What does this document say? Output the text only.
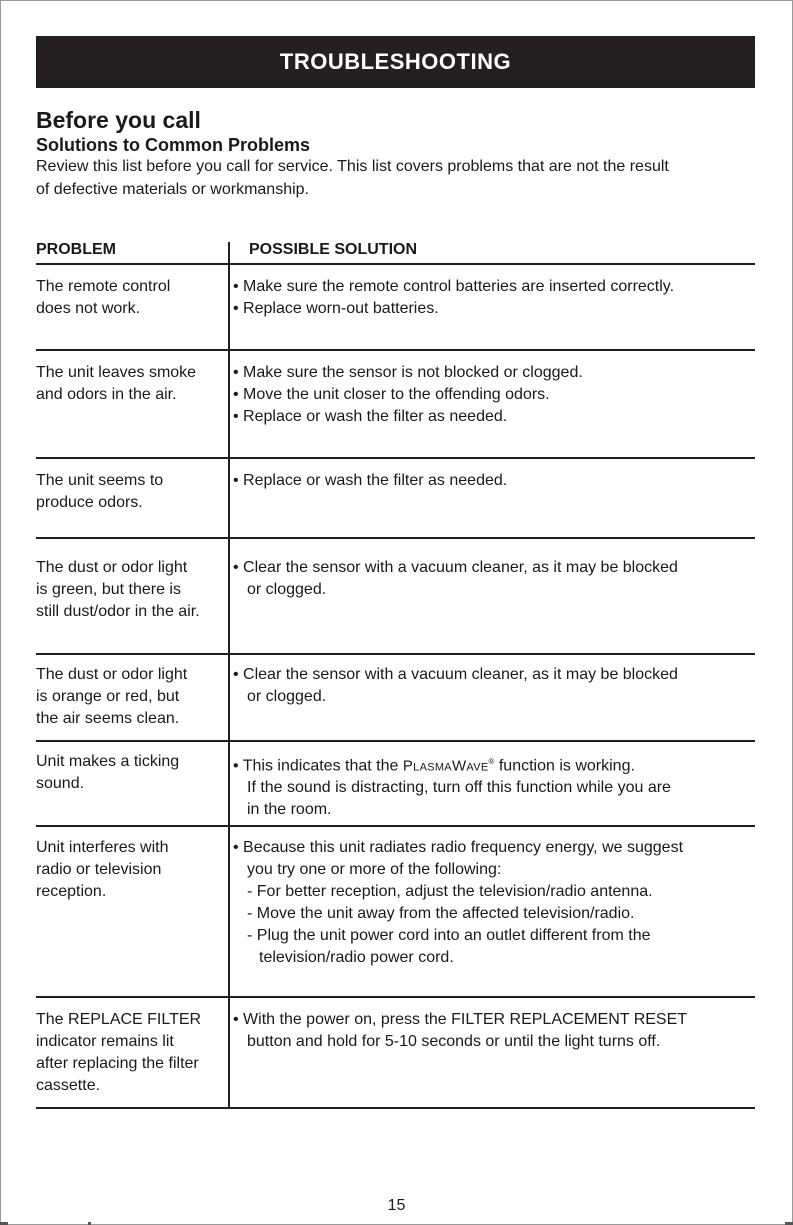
TROUBLESHOOTING
Before you call
Solutions to Common Problems
Review this list before you call for service. This list covers problems that are not the result
of defective materials or workmanship.
PROBLEM	POSSIBLE SOLUTION
The remote control
does not work.
• Make sure the remote control batteries are inserted correctly.
• Replace worn-out batteries.
The unit leaves smoke
and odors in the air.
• Make sure the sensor is not blocked or clogged.
• Move the unit closer to the offending odors.
• Replace or wash the filter as needed.
The unit seems to
produce odors.
• Replace or wash the filter as needed.
The dust or odor light
is green, but there is
still dust/odor in the air.
• Clear the sensor with a vacuum cleaner, as it may be blocked
or clogged.
The dust or odor light
is orange or red, but
the air seems clean.
• Clear the sensor with a vacuum cleaner, as it may be blocked
or clogged.
Unit makes a ticking
sound.
• This indicates that the PlasmaWave® function is working.
If the sound is distracting, turn off this function while you are
in the room.
Unit interferes with
radio or television
reception.
• Because this unit radiates radio frequency energy, we suggest
you try one or more of the following:
- For better reception, adjust the television/radio antenna.
- Move the unit away from the affected television/radio.
- Plug the unit power cord into an outlet different from the
television/radio power cord.
The REPLACE FILTER
indicator remains lit
after replacing the filter
cassette.
• With the power on, press the FILTER REPLACEMENT RESET
button and hold for 5-10 seconds or until the light turns off.
15
